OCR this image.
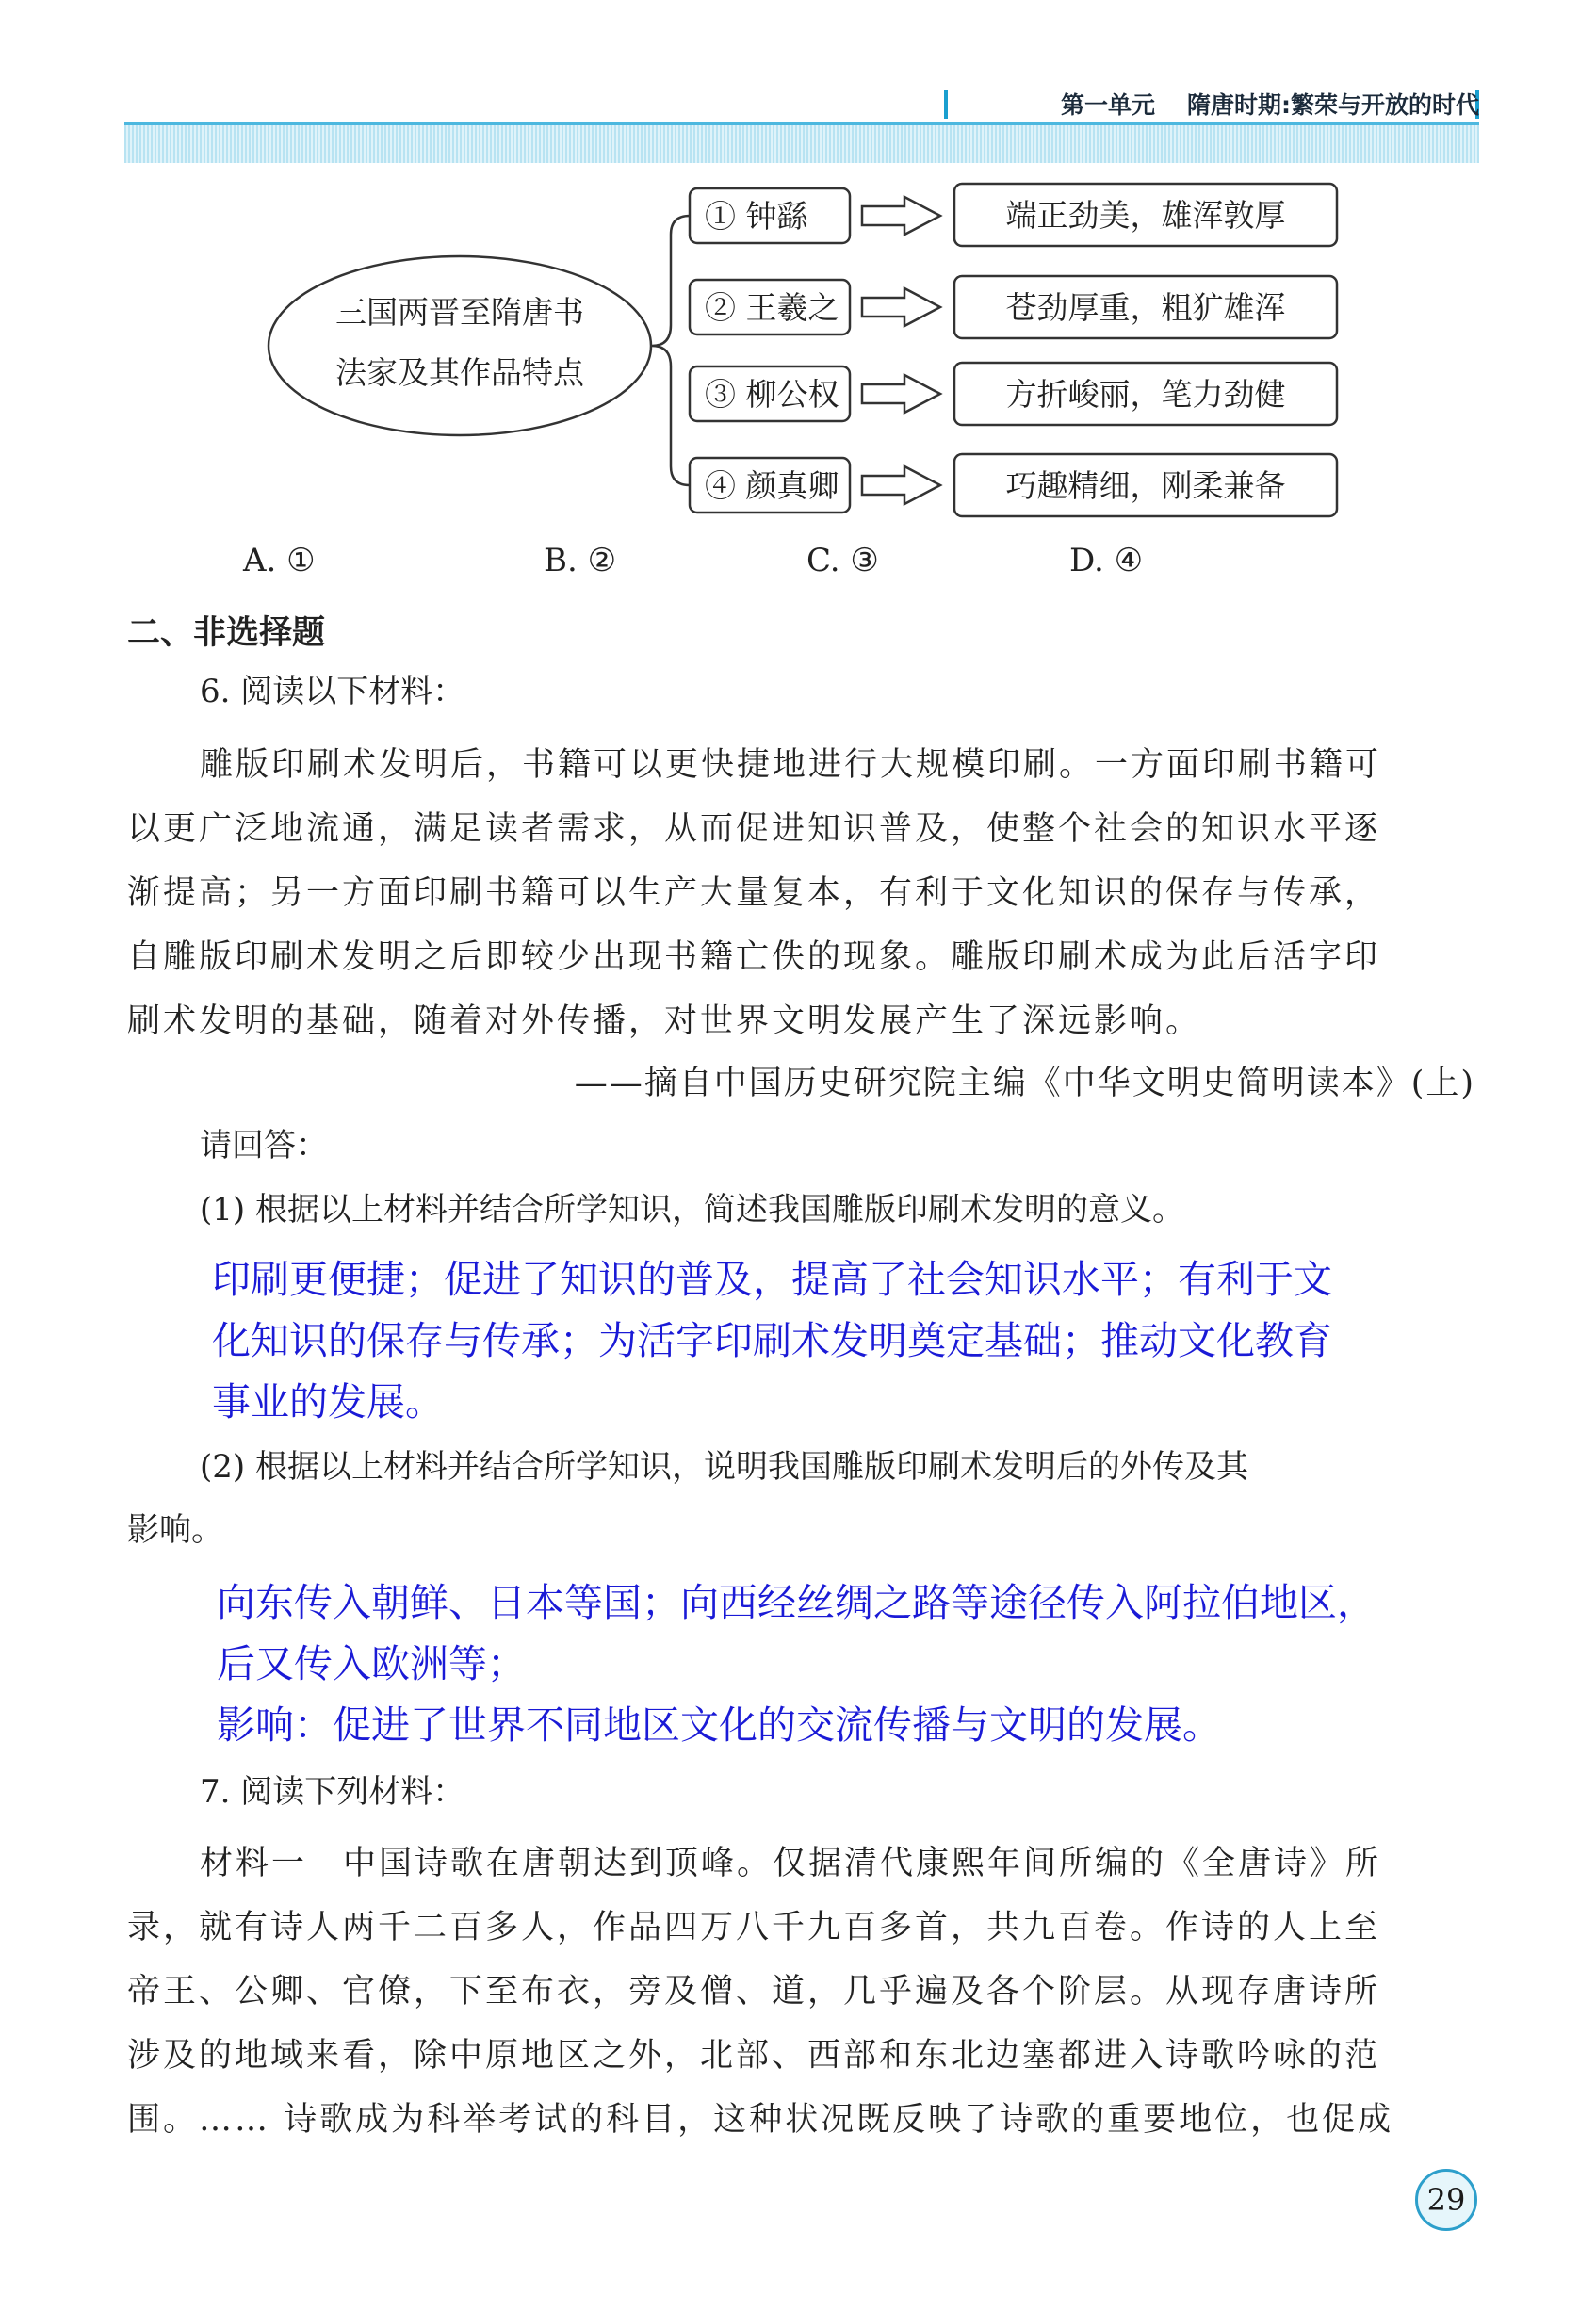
第一单元 隋唐时期:繁荣与开放的时代
三国两晋至隋唐书
法家及其作品特点
① 钟繇	端正劲美，雄浑敦厚
② 王羲之	苍劲厚重，粗犷雄浑
③ 柳公权	方折峻丽，笔力劲健
④ 颜真卿	巧趣精细，刚柔兼备
A. ①	B. ②	C. ③	D. ④
二、非选择题
6. 阅读以下材料：
雕版印刷术发明后，书籍可以更快捷地进行大规模印刷。一方面印刷书籍可
以更广泛地流通，满足读者需求，从而促进知识普及，使整个社会的知识水平逐
渐提高；另一方面印刷书籍可以生产大量复本，有利于文化知识的保存与传承，
自雕版印刷术发明之后即较少出现书籍亡佚的现象。雕版印刷术成为此后活字印
刷术发明的基础，随着对外传播，对世界文明发展产生了深远影响。
——摘自中国历史研究院主编《中华文明史简明读本》(上)
请回答：
(1) 根据以上材料并结合所学知识，简述我国雕版印刷术发明的意义。
印刷更便捷；促进了知识的普及，提高了社会知识水平；有利于文
化知识的保存与传承；为活字印刷术发明奠定基础；推动文化教育
事业的发展。
(2) 根据以上材料并结合所学知识，说明我国雕版印刷术发明后的外传及其
影响。
向东传入朝鲜、日本等国；向西经丝绸之路等途径传入阿拉伯地区，
后又传入欧洲等；
影响：促进了世界不同地区文化的交流传播与文明的发展。
7. 阅读下列材料：
材料一　中国诗歌在唐朝达到顶峰。仅据清代康熙年间所编的《全唐诗》所
录，就有诗人两千二百多人，作品四万八千九百多首，共九百卷。作诗的人上至
帝王、公卿、官僚，下至布衣，旁及僧、道，几乎遍及各个阶层。从现存唐诗所
涉及的地域来看，除中原地区之外，北部、西部和东北边塞都进入诗歌吟咏的范
围。…… 诗歌成为科举考试的科目，这种状况既反映了诗歌的重要地位，也促成
29
